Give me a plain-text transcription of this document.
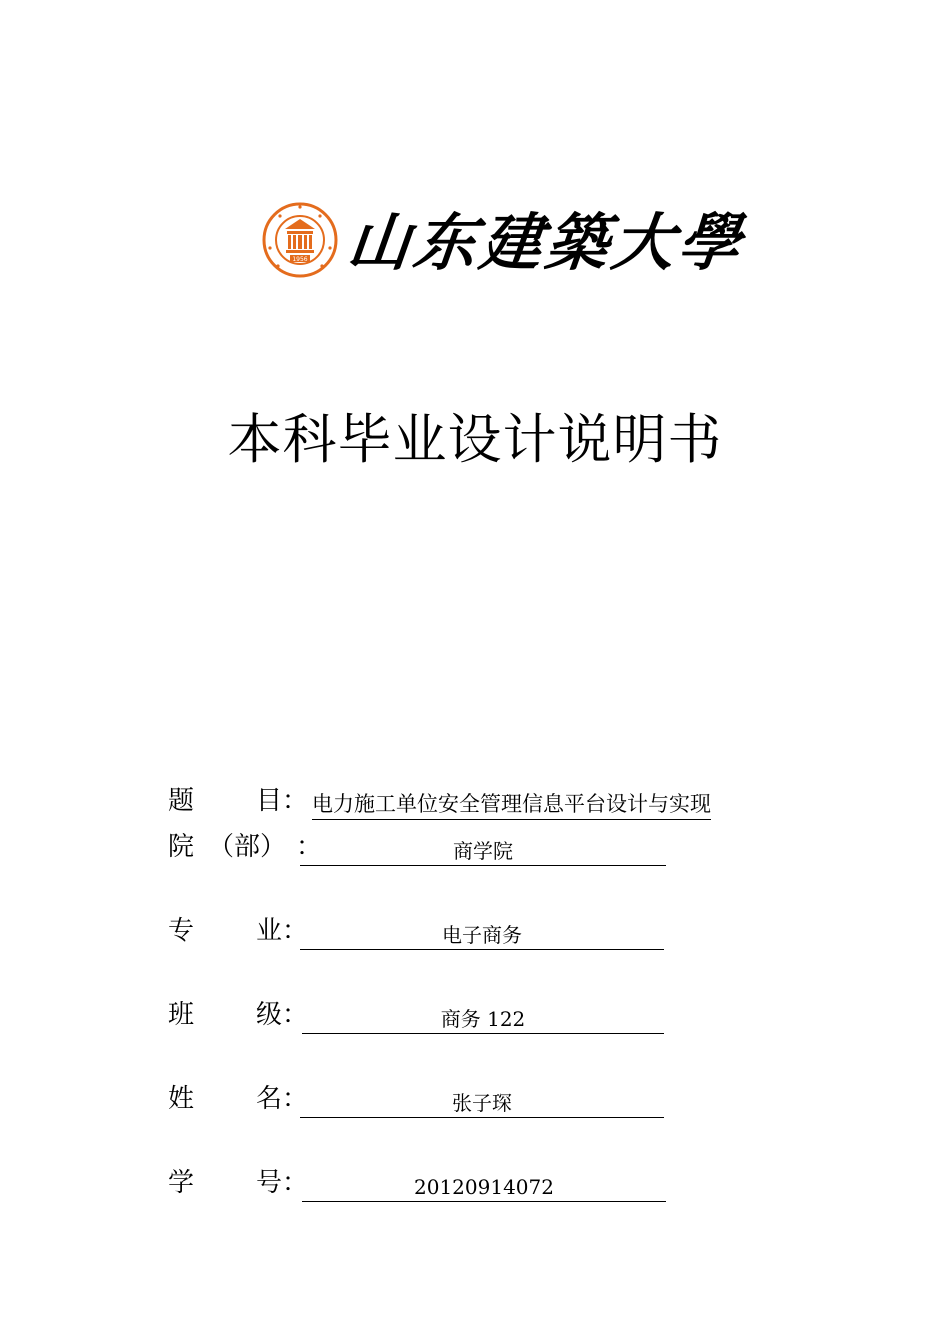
1956 山东建築大學
本科毕业设计说明书
题 目 ： 电力施工单位安全管理信息平台设计与实现
院 （部） ：	商学院
专 业 ：	电子商务
班 级 ：	商务 122
姓 名 ：	张子琛
学 号 ：	20120914072
